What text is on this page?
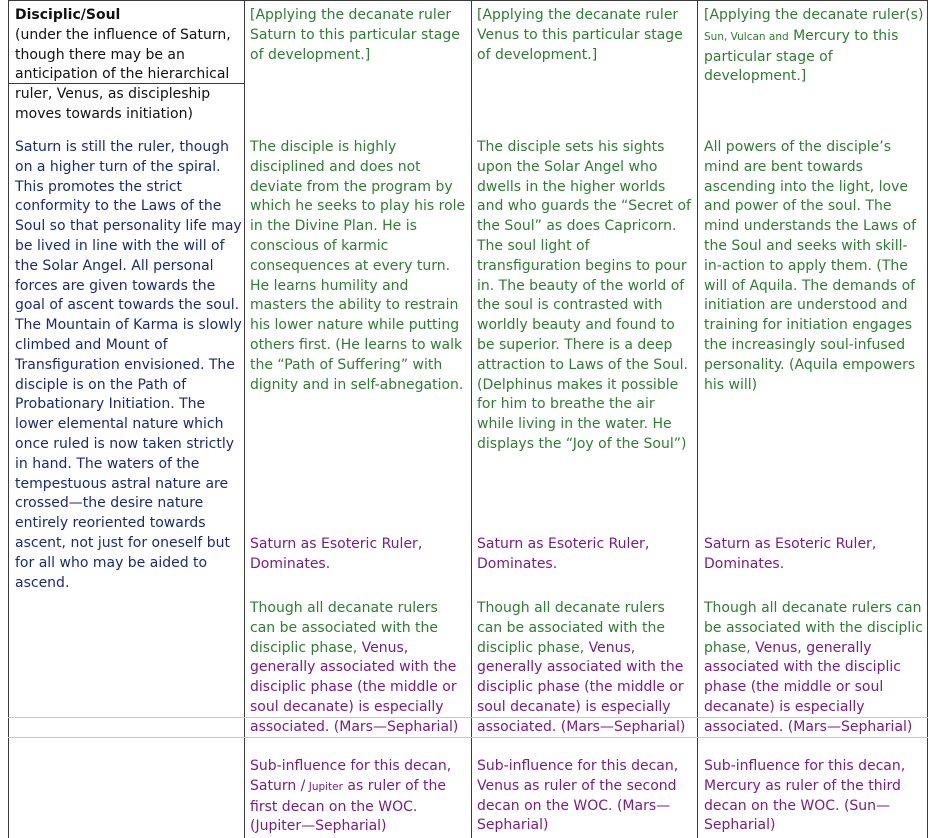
Disciplic/Soul

(under the influence of Saturn, though there may be an anticipation of the hierarchical ruler, Venus, as discipleship moves towards initiation)

Saturn is still the ruler, though on a higher turn of the spiral. This promotes the strict conformity to the Laws of the Soul so that personality life may be lived in line with the will of the Solar Angel. All personal forces are given towards the goal of ascent towards the soul. The Mountain of Karma is slowly climbed and Mount of Transfiguration envisioned. The disciple is on the Path of Probationary Initiation. The lower elemental nature which once ruled is now taken strictly in hand. The waters of the tempestuous astral nature are crossed—the desire nature entirely reoriented towards ascent, not just for oneself but for all who may be aided to ascend.

[Applying the decanate ruler Saturn to this particular stage of development.]

The disciple is highly disciplined and does not deviate from the program by which he seeks to play his role in the Divine Plan. He is conscious of karmic consequences at every turn. He learns humility and masters the ability to restrain his lower nature while putting others first. (He learns to walk the “Path of Suffering” with dignity and in self-abnegation.

Saturn as Esoteric Ruler, Dominates.

Though all decanate rulers can be associated with the disciplic phase, Venus, generally associated with the disciplic phase (the middle or soul decanate) is especially associated. (Mars—Sepharial)

Sub-influence for this decan, Saturn / Jupiter as ruler of the first decan on the WOC. (Jupiter—Sepharial)

[Applying the decanate ruler Venus to this particular stage of development.]

The disciple sets his sights upon the Solar Angel who dwells in the higher worlds and who guards the “Secret of the Soul” as does Capricorn. The soul light of transfiguration begins to pour in. The beauty of the world of the soul is contrasted with worldly beauty and found to be superior. There is a deep attraction to Laws of the Soul. (Delphinus makes it possible for him to breathe the air while living in the water. He displays the “Joy of the Soul”)

Saturn as Esoteric Ruler, Dominates.

Though all decanate rulers can be associated with the disciplic phase, Venus, generally associated with the disciplic phase (the middle or soul decanate) is especially associated. (Mars—Sepharial)

Sub-influence for this decan, Venus as ruler of the second decan on the WOC. (Mars—Sepharial)

[Applying the decanate ruler(s) Sun, Vulcan and Mercury to this particular stage of development.]

All powers of the disciple’s mind are bent towards ascending into the light, love and power of the soul. The mind understands the Laws of the Soul and seeks with skill-in-action to apply them. (The will of Aquila. The demands of initiation are understood and training for initiation engages the increasingly soul-infused personality. (Aquila empowers his will)

Saturn as Esoteric Ruler, Dominates.

Though all decanate rulers can be associated with the disciplic phase, Venus, generally associated with the disciplic phase (the middle or soul decanate) is especially associated. (Mars—Sepharial)

Sub-influence for this decan, Mercury as ruler of the third decan on the WOC. (Sun—Sepharial)
